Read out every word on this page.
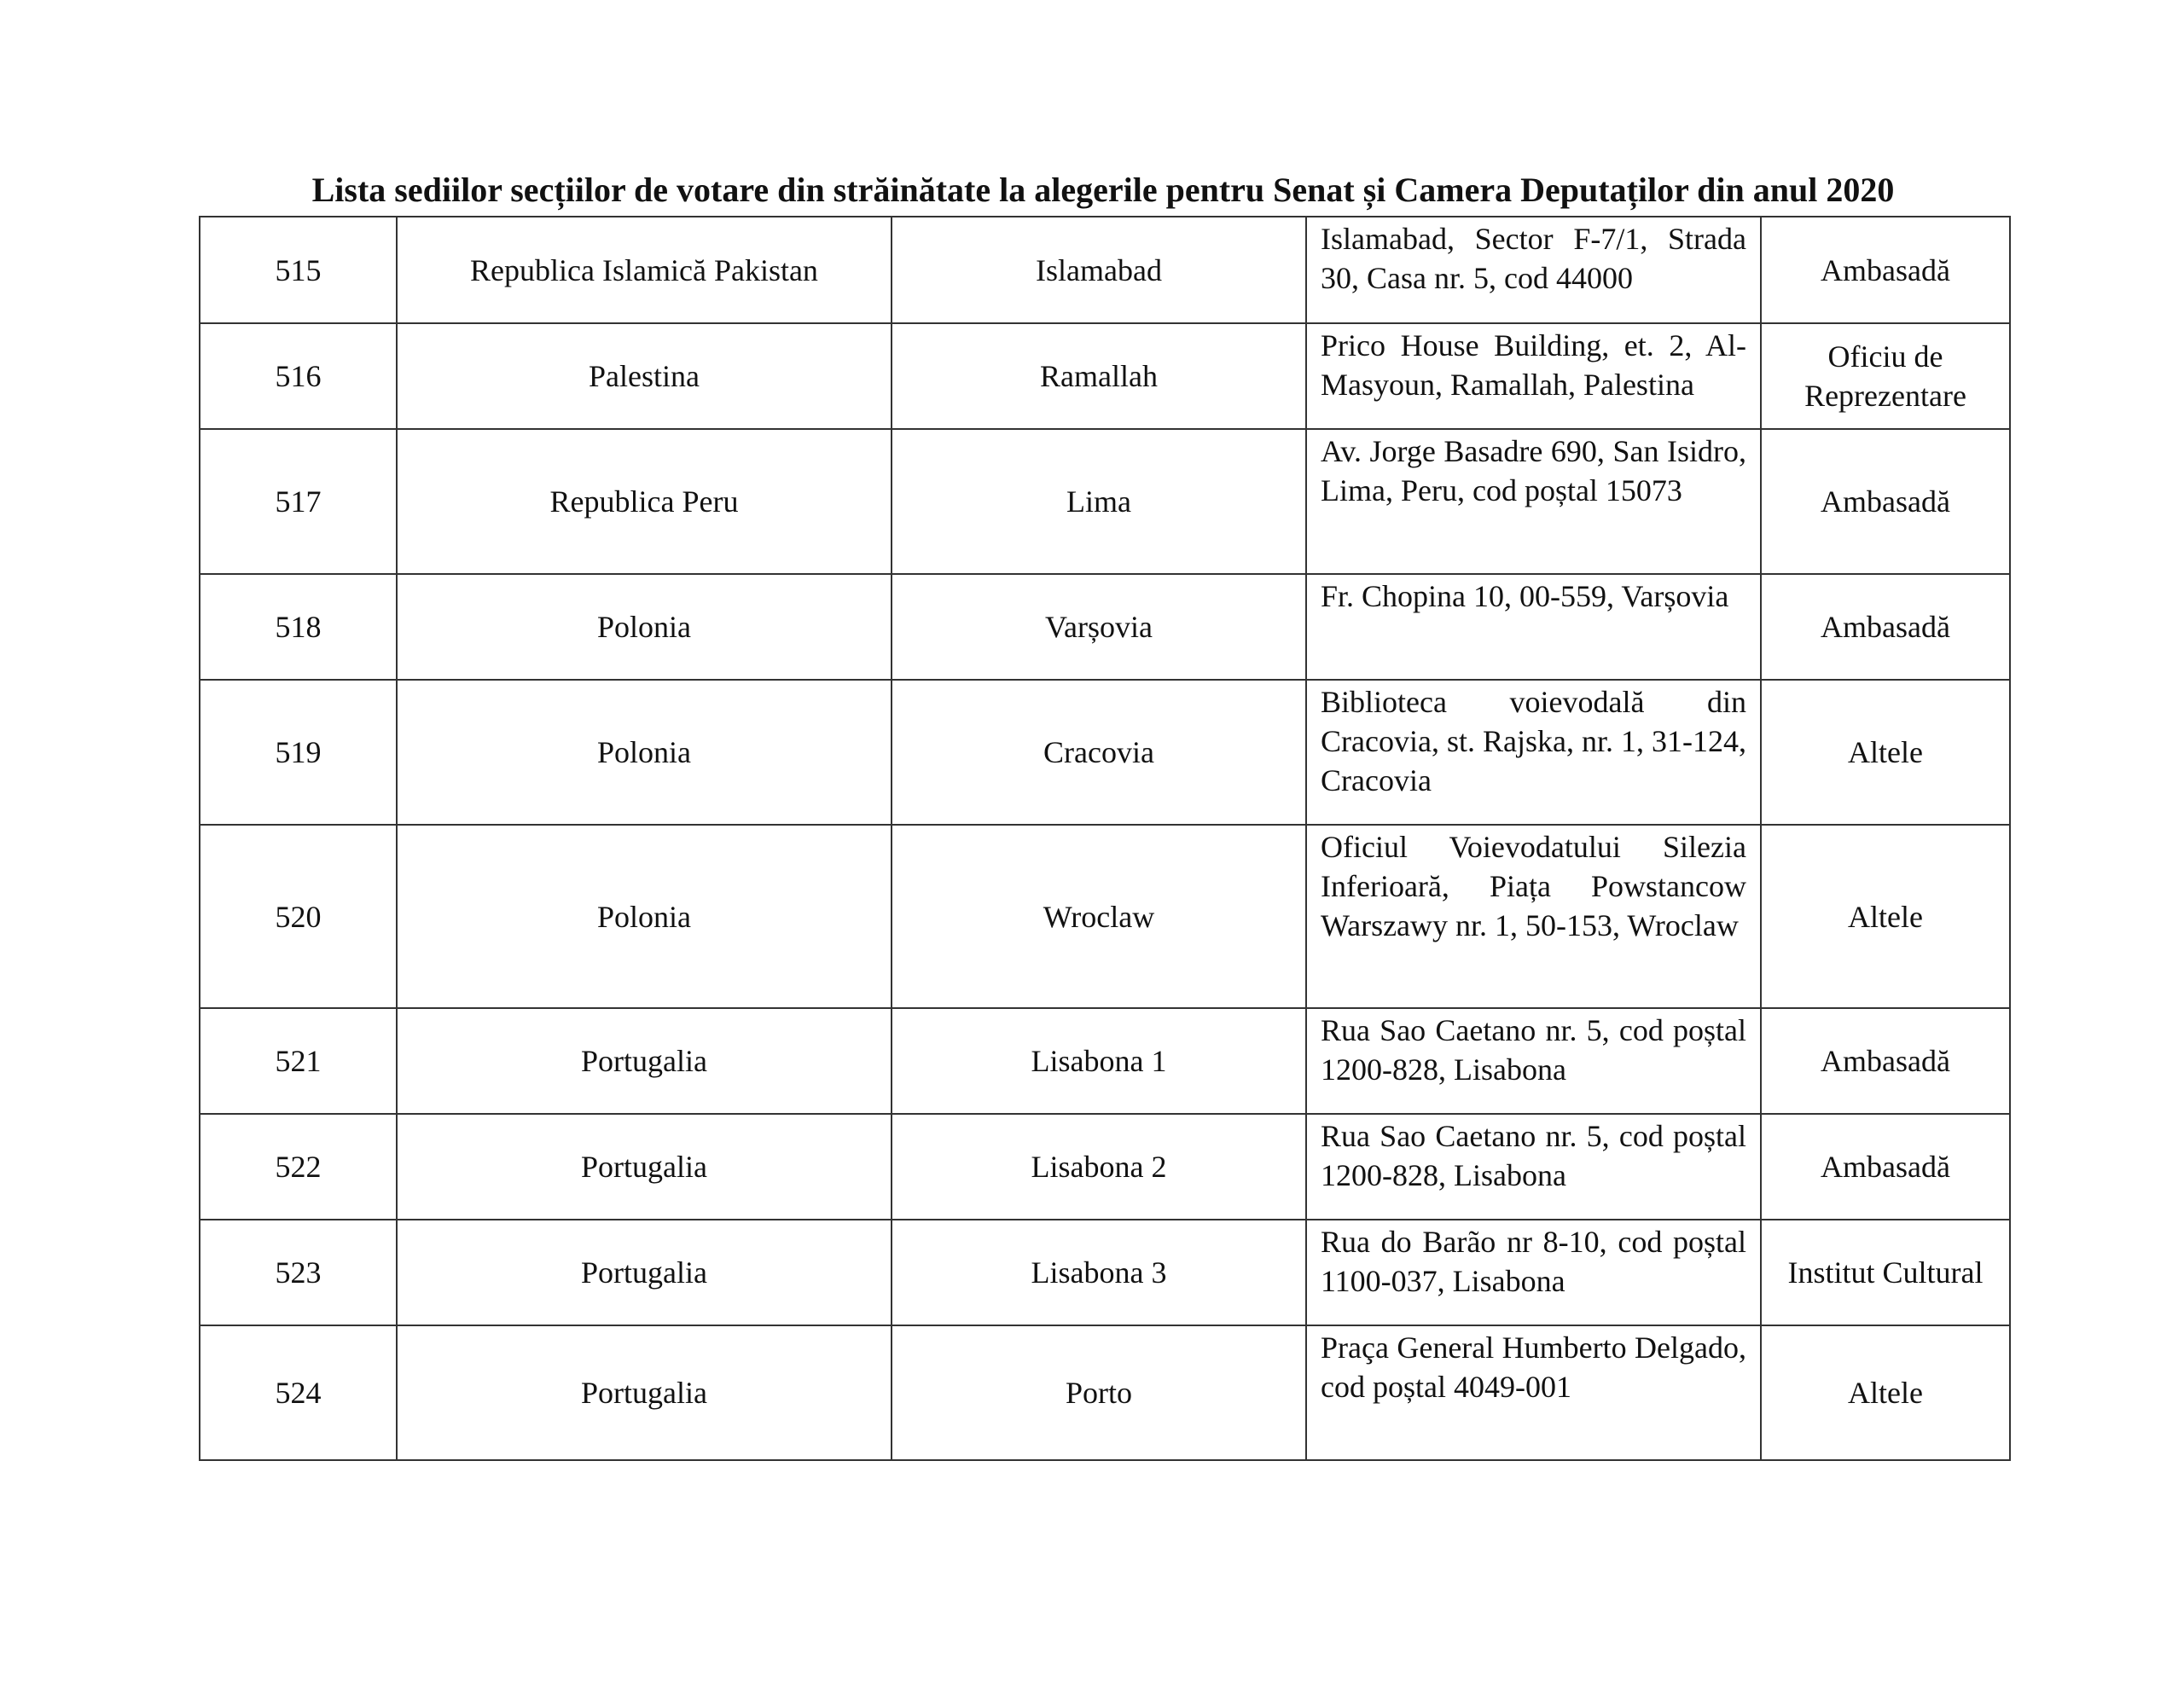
Lista sediilor secțiilor de votare din străinătate la alegerile pentru Senat și Camera Deputaților din anul 2020
515	Republica Islamică Pakistan	Islamabad	Islamabad, Sector F-7/1, Strada 30, Casa nr. 5, cod 44000	Ambasadă
516	Palestina	Ramallah	Prico House Building, et. 2, Al-Masyoun, Ramallah, Palestina	Oficiu de Reprezentare
517	Republica Peru	Lima	Av. Jorge Basadre 690, San Isidro, Lima, Peru, cod poștal 15073	Ambasadă
518	Polonia	Varșovia	Fr. Chopina 10, 00-559, Varșovia	Ambasadă
519	Polonia	Cracovia	Biblioteca voievodală din Cracovia, st. Rajska, nr. 1, 31-124, Cracovia	Altele
520	Polonia	Wroclaw	Oficiul Voievodatului Silezia Inferioară, Piața Powstancow Warszawy nr. 1, 50-153, Wroclaw	Altele
521	Portugalia	Lisabona 1	Rua Sao Caetano nr. 5, cod poștal 1200-828, Lisabona	Ambasadă
522	Portugalia	Lisabona 2	Rua Sao Caetano nr. 5, cod poștal 1200-828, Lisabona	Ambasadă
523	Portugalia	Lisabona 3	Rua do Barão nr 8-10, cod poștal 1100-037, Lisabona	Institut Cultural
524	Portugalia	Porto	Praça General Humberto Delgado, cod poștal 4049-001	Altele
